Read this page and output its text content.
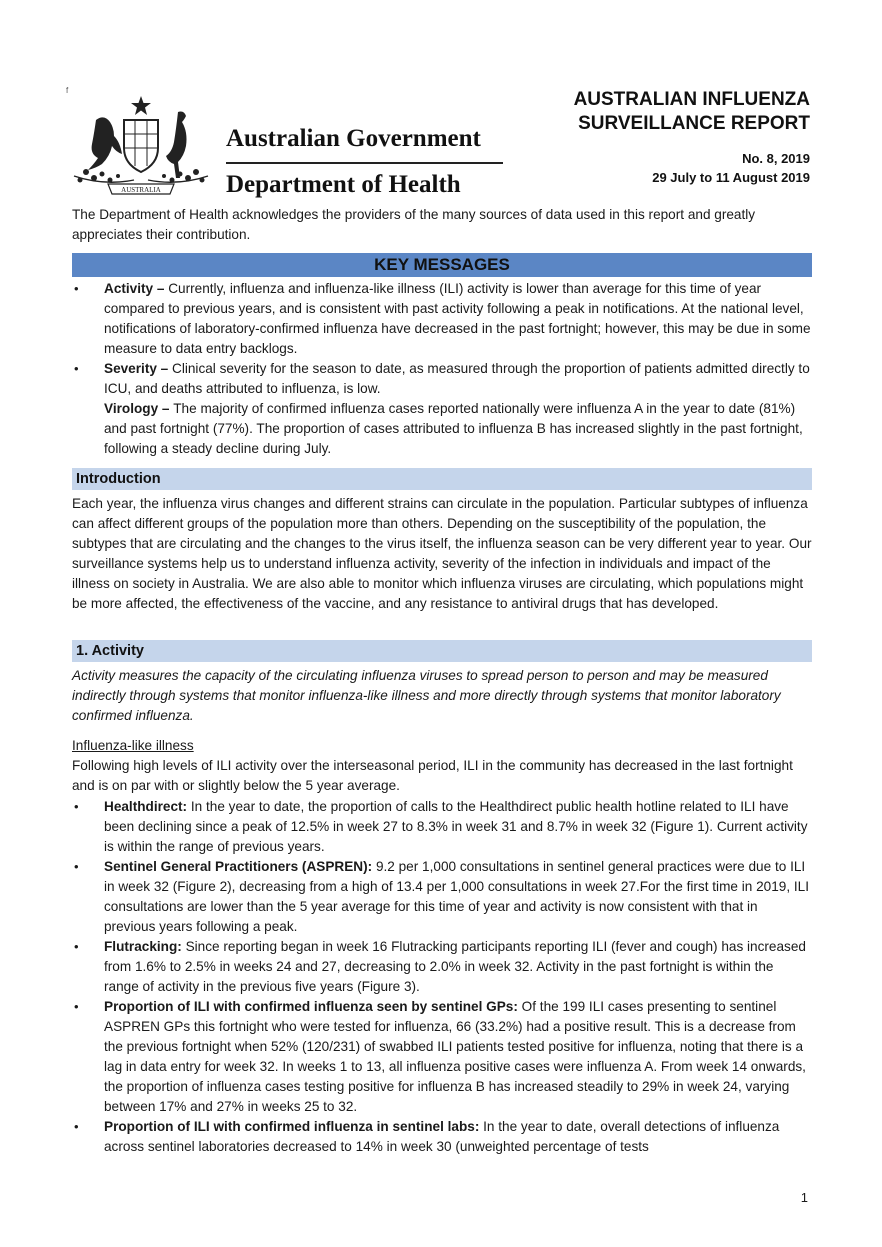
f
AUSTRALIA
Australian Government
Department of Health
AUSTRALIAN INFLUENZA
SURVEILLANCE REPORT
No. 8, 2019
29 July to 11 August 2019
The Department of Health acknowledges the providers of the many sources of data used in this report and greatly appreciates their contribution.
KEY MESSAGES
• Activity – Currently, influenza and influenza-like illness (ILI) activity is lower than average for this time of year compared to previous years, and is consistent with past activity following a peak in notifications. At the national level, notifications of laboratory-confirmed influenza have decreased in the past fortnight; however, this may be due in some measure to data entry backlogs.
• Severity – Clinical severity for the season to date, as measured through the proportion of patients admitted directly to ICU, and deaths attributed to influenza, is low.
Virology – The majority of confirmed influenza cases reported nationally were influenza A in the year to date (81%) and past fortnight (77%). The proportion of cases attributed to influenza B has increased slightly in the past fortnight, following a steady decline during July.
Introduction
Each year, the influenza virus changes and different strains can circulate in the population. Particular subtypes of influenza can affect different groups of the population more than others. Depending on the susceptibility of the population, the subtypes that are circulating and the changes to the virus itself, the influenza season can be very different year to year. Our surveillance systems help us to understand influenza activity, severity of the infection in individuals and impact of the illness on society in Australia. We are also able to monitor which influenza viruses are circulating, which populations might be more affected, the effectiveness of the vaccine, and any resistance to antiviral drugs that has developed.
1. Activity
Activity measures the capacity of the circulating influenza viruses to spread person to person and may be measured indirectly through systems that monitor influenza-like illness and more directly through systems that monitor laboratory confirmed influenza.
Influenza-like illness
Following high levels of ILI activity over the interseasonal period, ILI in the community has decreased in the last fortnight and is on par with or slightly below the 5 year average.
• Healthdirect: In the year to date, the proportion of calls to the Healthdirect public health hotline related to ILI have been declining since a peak of 12.5% in week 27 to 8.3% in week 31 and 8.7% in week 32 (Figure 1). Current activity is within the range of previous years.
• Sentinel General Practitioners (ASPREN): 9.2 per 1,000 consultations in sentinel general practices were due to ILI in week 32 (Figure 2), decreasing from a high of 13.4 per 1,000 consultations in week 27.For the first time in 2019, ILI consultations are lower than the 5 year average for this time of year and activity is now consistent with that in previous years following a peak.
• Flutracking: Since reporting began in week 16 Flutracking participants reporting ILI (fever and cough) has increased from 1.6% to 2.5% in weeks 24 and 27, decreasing to 2.0% in week 32. Activity in the past fortnight is within the range of activity in the previous five years (Figure 3).
• Proportion of ILI with confirmed influenza seen by sentinel GPs: Of the 199 ILI cases presenting to sentinel ASPREN GPs this fortnight who were tested for influenza, 66 (33.2%) had a positive result. This is a decrease from the previous fortnight when 52% (120/231) of swabbed ILI patients tested positive for influenza, noting that there is a lag in data entry for week 32. In weeks 1 to 13, all influenza positive cases were influenza A. From week 14 onwards, the proportion of influenza cases testing positive for influenza B has increased steadily to 29% in week 24, varying between 17% and 27% in weeks 25 to 32.
• Proportion of ILI with confirmed influenza in sentinel labs: In the year to date, overall detections of influenza across sentinel laboratories decreased to 14% in week 30 (unweighted percentage of tests
1
